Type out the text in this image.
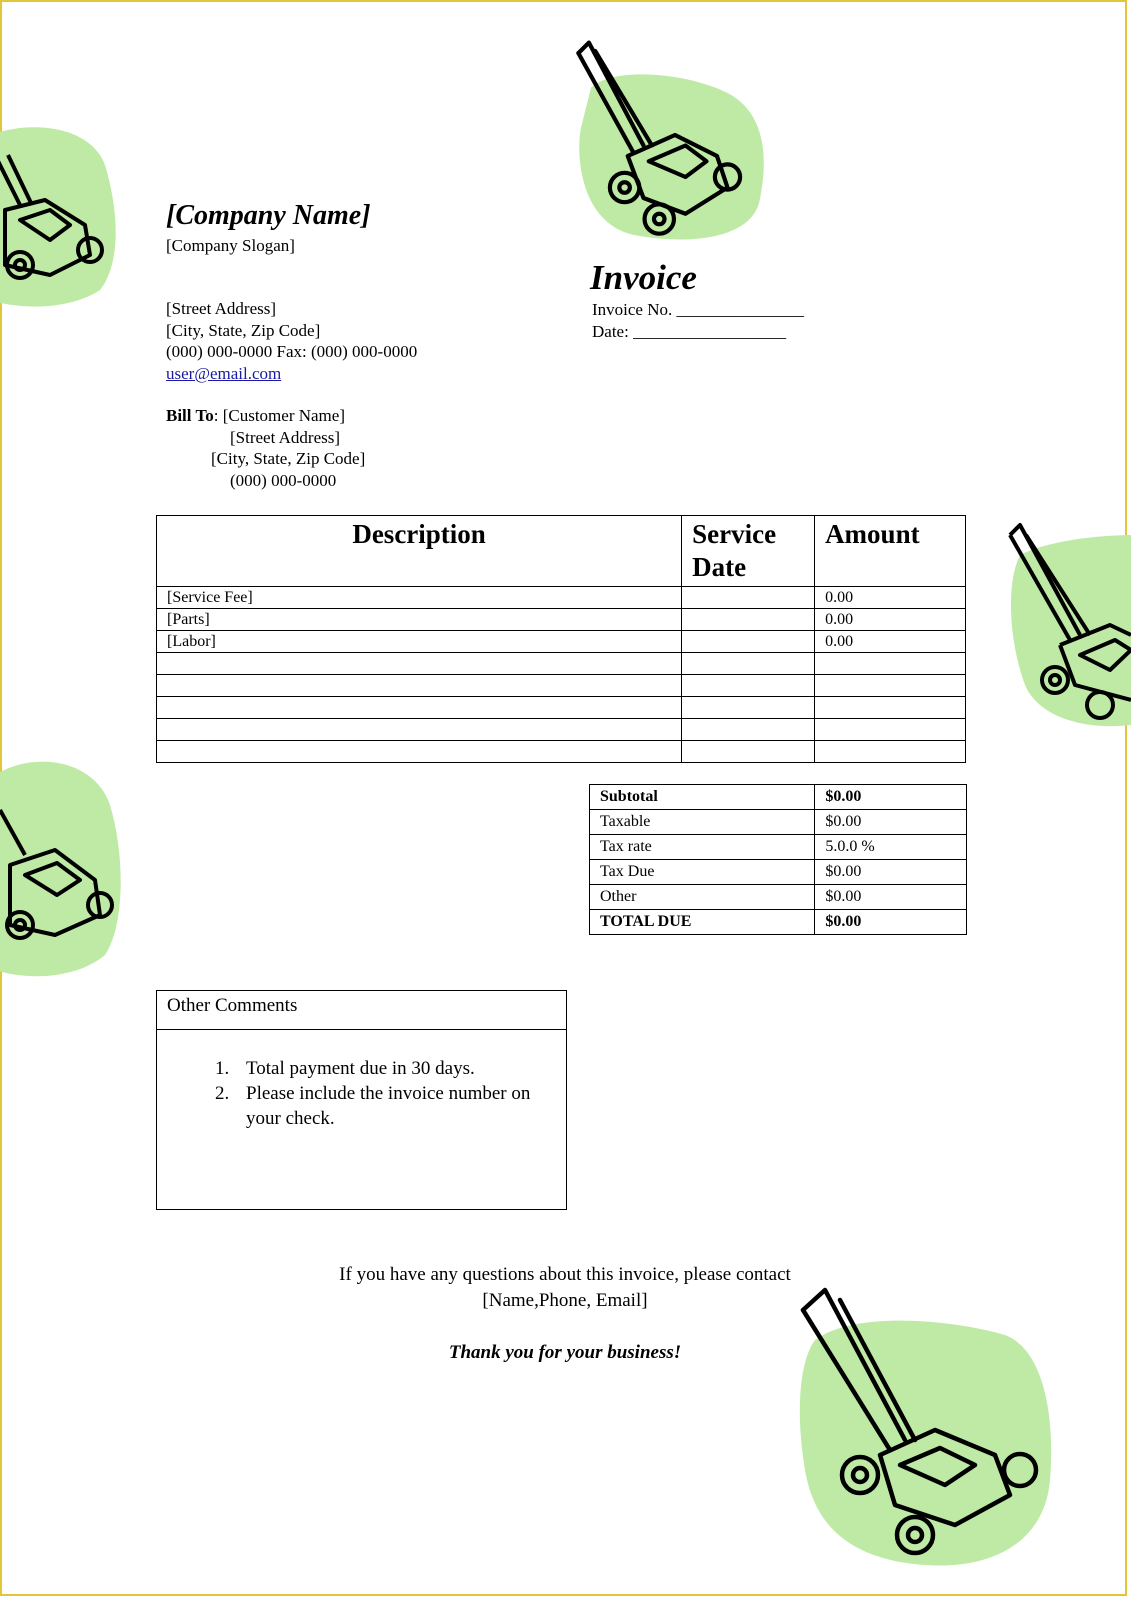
[Company Name]
[Company Slogan]
[Street Address]
[City, State, Zip Code]
(000) 000-0000 Fax: (000) 000-0000
user@email.com
Bill To: [Customer Name]
[Street Address]
[City, State, Zip Code]
(000) 000-0000
Invoice
Invoice No. _______________
Date: __________________
Description	Service Date	Amount
[Service Fee]		0.00
[Parts]		0.00
[Labor]		0.00

Subtotal	$0.00
Taxable	$0.00
Tax rate	5.0.0 %
Tax Due	$0.00
Other	$0.00
TOTAL DUE	$0.00
Other Comments
1. Total payment due in 30 days.
2. Please include the invoice number on your check.
If you have any questions about this invoice, please contact
[Name,Phone, Email]
Thank you for your business!
